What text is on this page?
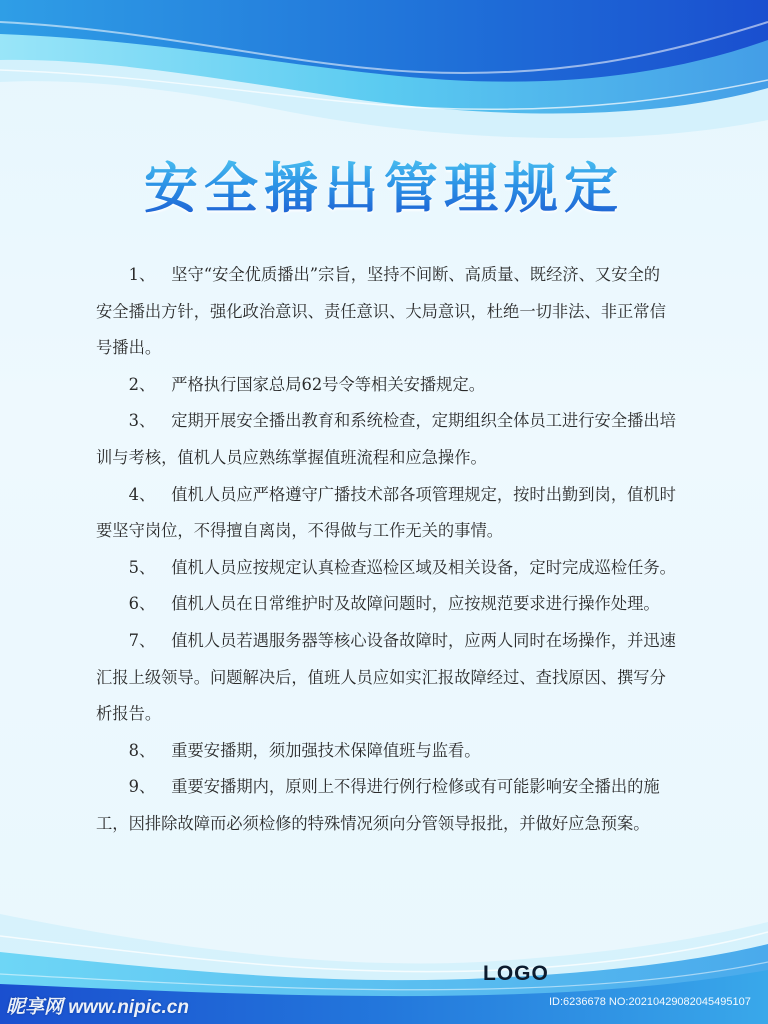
安全播出管理规定

1、 坚守“安全优质播出”宗旨，坚持不间断、高质量、既经济、又安全的安全播出方针，强化政治意识、责任意识、大局意识，杜绝一切非法、非正常信号播出。

2、 严格执行国家总局62号令等相关安播规定。

3、 定期开展安全播出教育和系统检查，定期组织全体员工进行安全播出培训与考核，值机人员应熟练掌握值班流程和应急操作。

4、 值机人员应严格遵守广播技术部各项管理规定，按时出勤到岗，值机时要坚守岗位，不得擅自离岗，不得做与工作无关的事情。

5、 值机人员应按规定认真检查巡检区域及相关设备，定时完成巡检任务。

6、 值机人员在日常维护时及故障问题时，应按规范要求进行操作处理。

7、 值机人员若遇服务器等核心设备故障时，应两人同时在场操作，并迅速汇报上级领导。问题解决后，值班人员应如实汇报故障经过、查找原因、撰写分析报告。

8、 重要安播期，须加强技术保障值班与监看。

9、 重要安播期内，原则上不得进行例行检修或有可能影响安全播出的施工，因排除故障而必须检修的特殊情况须向分管领导报批，并做好应急预案。

LOGO
昵享网 www.nipic.cn	ID:6236678 NO:20210429082045495107
